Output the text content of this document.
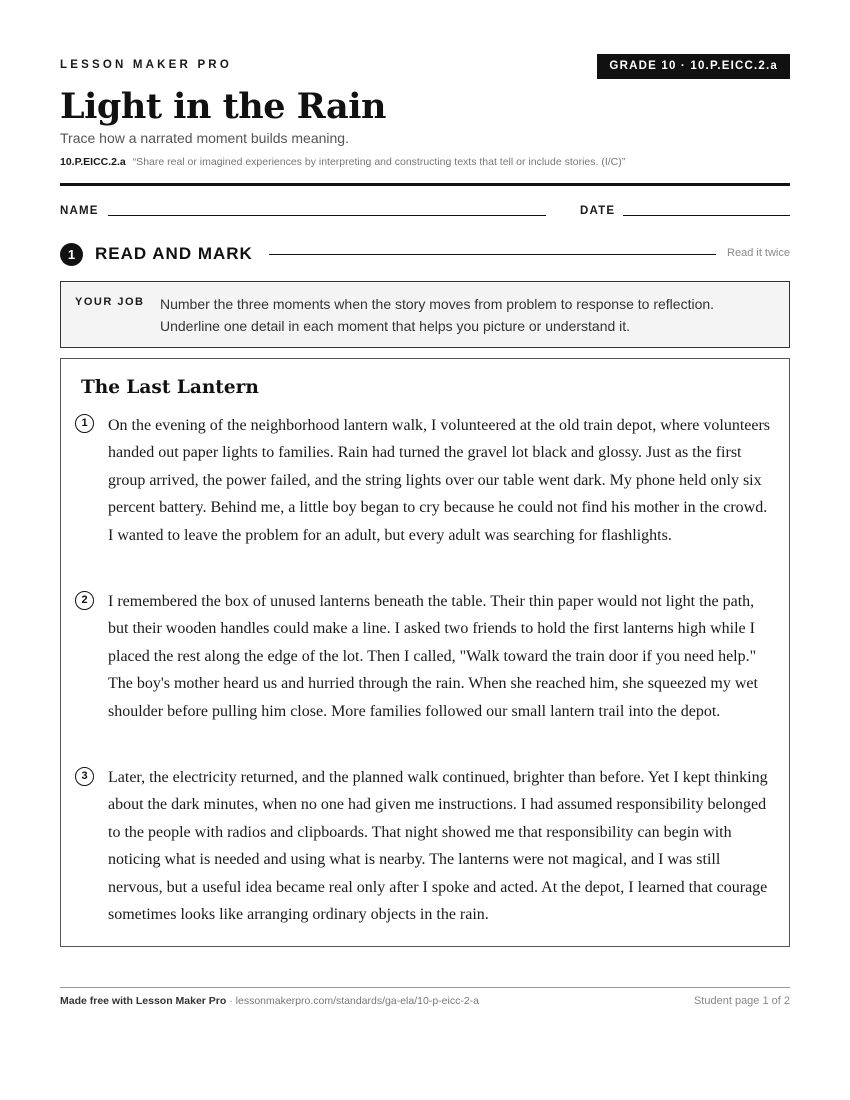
LESSON MAKER PRO	GRADE 10 · 10.P.EICC.2.a
Light in the Rain
Trace how a narrated moment builds meaning.
10.P.EICC.2.a “Share real or imagined experiences by interpreting and constructing texts that tell or include stories. (I/C)”
NAME	DATE
1	READ AND MARK	Read it twice
YOUR JOB Number the three moments when the story moves from problem to response to reflection.
Underline one detail in each moment that helps you picture or understand it.
The Last Lantern
1	On the evening of the neighborhood lantern walk, I volunteered at the old train depot, where volunteers handed out paper lights to families. Rain had turned the gravel lot black and glossy. Just as the first group arrived, the power failed, and the string lights over our table went dark. My phone held only six percent battery. Behind me, a little boy began to cry because he could not find his mother in the crowd. I wanted to leave the problem for an adult, but every adult was searching for flashlights.

2	I remembered the box of unused lanterns beneath the table. Their thin paper would not light the path, but their wooden handles could make a line. I asked two friends to hold the first lanterns high while I placed the rest along the edge of the lot. Then I called, "Walk toward the train door if you need help." The boy's mother heard us and hurried through the rain. When she reached him, she squeezed my wet shoulder before pulling him close. More families followed our small lantern trail into the depot.

3	Later, the electricity returned, and the planned walk continued, brighter than before. Yet I kept thinking about the dark minutes, when no one had given me instructions. I had assumed responsibility belonged to the people with radios and clipboards. That night showed me that responsibility can begin with noticing what is needed and using what is nearby. The lanterns were not magical, and I was still nervous, but a useful idea became real only after I spoke and acted. At the depot, I learned that courage sometimes looks like arranging ordinary objects in the rain.

Made free with Lesson Maker Pro · lessonmakerpro.com/standards/ga-ela/10-p-eicc-2-a	Student page 1 of 2
